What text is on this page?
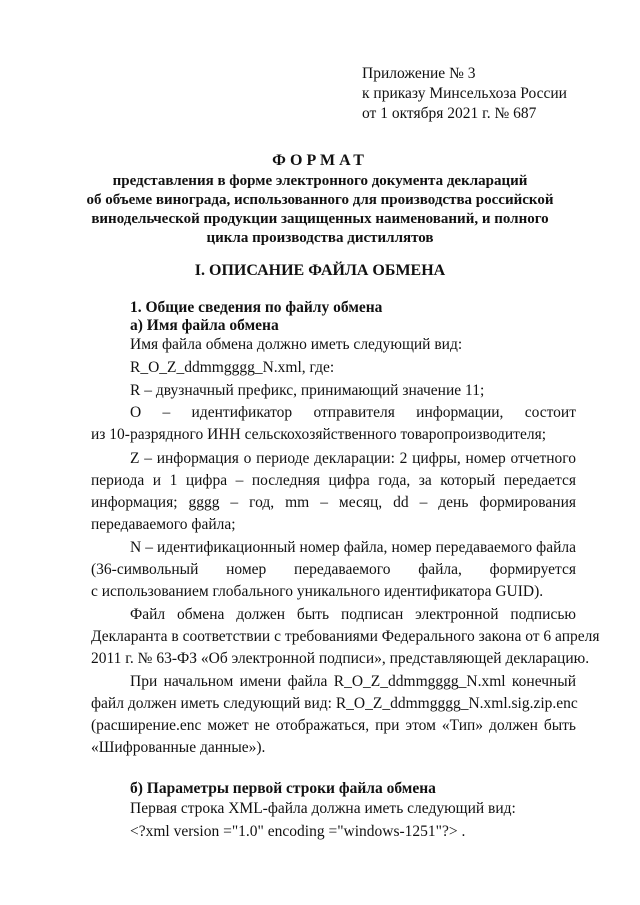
Приложение № 3
к приказу Минсельхоза России
от 1 октября 2021 г. № 687
ФОРМАТ
представления в форме электронного документа деклараций
об объеме винограда, использованного для производства российской
винодельческой продукции защищенных наименований, и полного
цикла производства дистиллятов
I. ОПИСАНИЕ ФАЙЛА ОБМЕНА
1. Общие сведения по файлу обмена
а) Имя файла обмена
Имя файла обмена должно иметь следующий вид:
R_O_Z_ddmmgggg_N.xml, где:
R – двузначный префикс, принимающий значение 11;
O – идентификатор отправителя информации, состоит
из 10-разрядного ИНН сельскохозяйственного товаропроизводителя;
Z – информация о периоде декларации: 2 цифры, номер отчетного
периода и 1 цифра – последняя цифра года, за который передается
информация; gggg – год, mm – месяц, dd – день формирования
передаваемого файла;
N – идентификационный номер файла, номер передаваемого файла
(36-символьный номер передаваемого файла, формируется
с использованием глобального уникального идентификатора GUID).
Файл обмена должен быть подписан электронной подписью
Декларанта в соответствии с требованиями Федерального закона от 6 апреля
2011 г. № 63-ФЗ «Об электронной подписи», представляющей декларацию.
При начальном имени файла R_O_Z_ddmmgggg_N.xml конечный
файл должен иметь следующий вид: R_O_Z_ddmmgggg_N.xml.sig.zip.enc
(расширение.enc может не отображаться, при этом «Тип» должен быть
«Шифрованные данные»).
б) Параметры первой строки файла обмена
Первая строка XML-файла должна иметь следующий вид:
<?xml version ="1.0" encoding ="windows-1251"?> .
